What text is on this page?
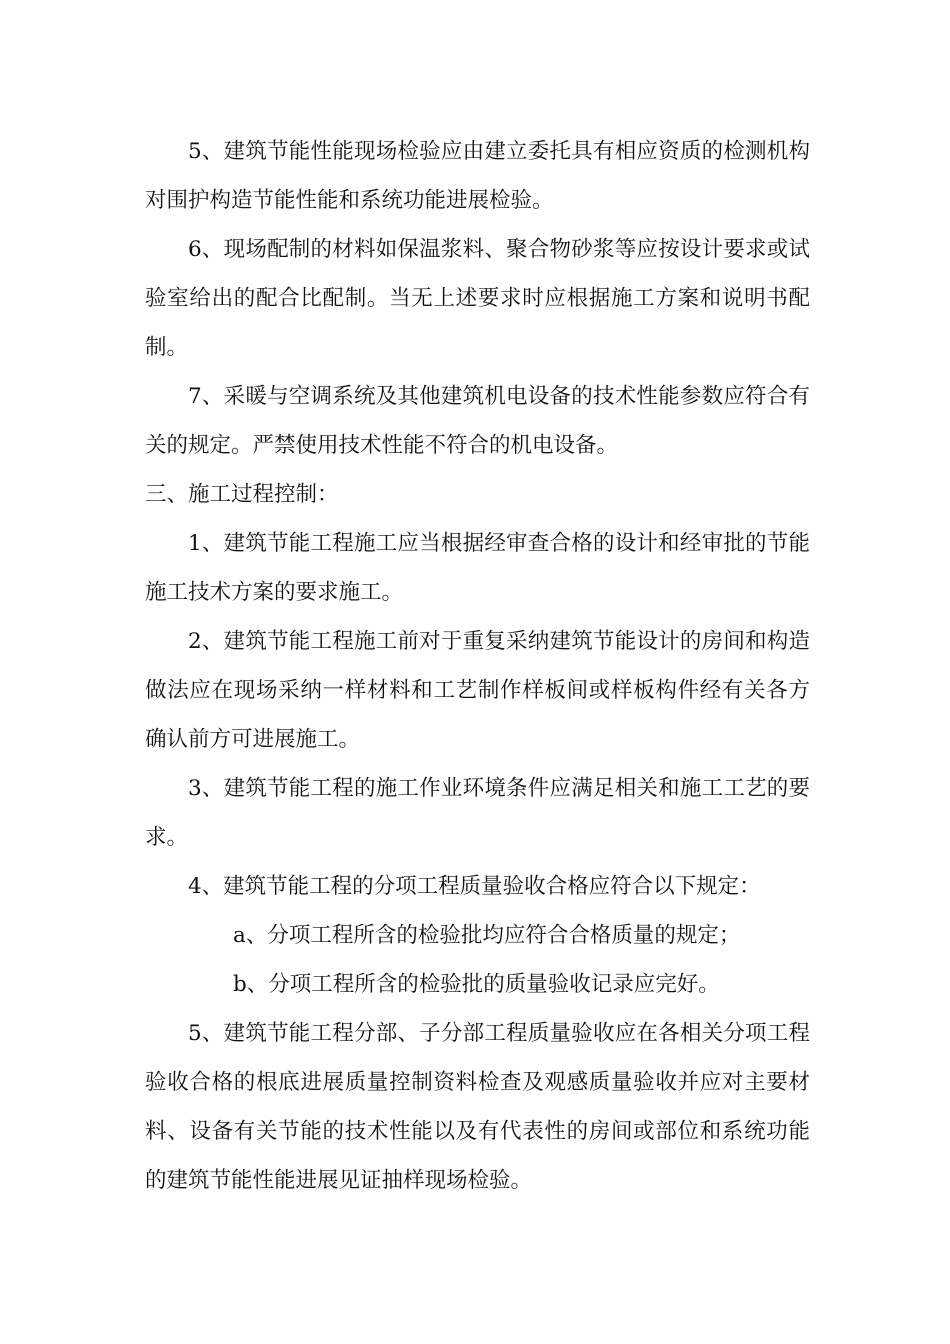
5、建筑节能性能现场检验应由建立委托具有相应资质的检测机构对围护构造节能性能和系统功能进展检验。

6、现场配制的材料如保温浆料、聚合物砂浆等应按设计要求或试验室给出的配合比配制。当无上述要求时应根据施工方案和说明书配制。

7、采暖与空调系统及其他建筑机电设备的技术性能参数应符合有关的规定。严禁使用技术性能不符合的机电设备。

三、施工过程控制：

1、建筑节能工程施工应当根据经审查合格的设计和经审批的节能施工技术方案的要求施工。

2、建筑节能工程施工前对于重复采纳建筑节能设计的房间和构造做法应在现场采纳一样材料和工艺制作样板间或样板构件经有关各方确认前方可进展施工。

3、建筑节能工程的施工作业环境条件应满足相关和施工工艺的要求。

4、建筑节能工程的分项工程质量验收合格应符合以下规定：

a、分项工程所含的检验批均应符合合格质量的规定；

b、分项工程所含的检验批的质量验收记录应完好。

5、建筑节能工程分部、子分部工程质量验收应在各相关分项工程验收合格的根底进展质量控制资料检查及观感质量验收并应对主要材料、设备有关节能的技术性能以及有代表性的房间或部位和系统功能的建筑节能性能进展见证抽样现场检验。
